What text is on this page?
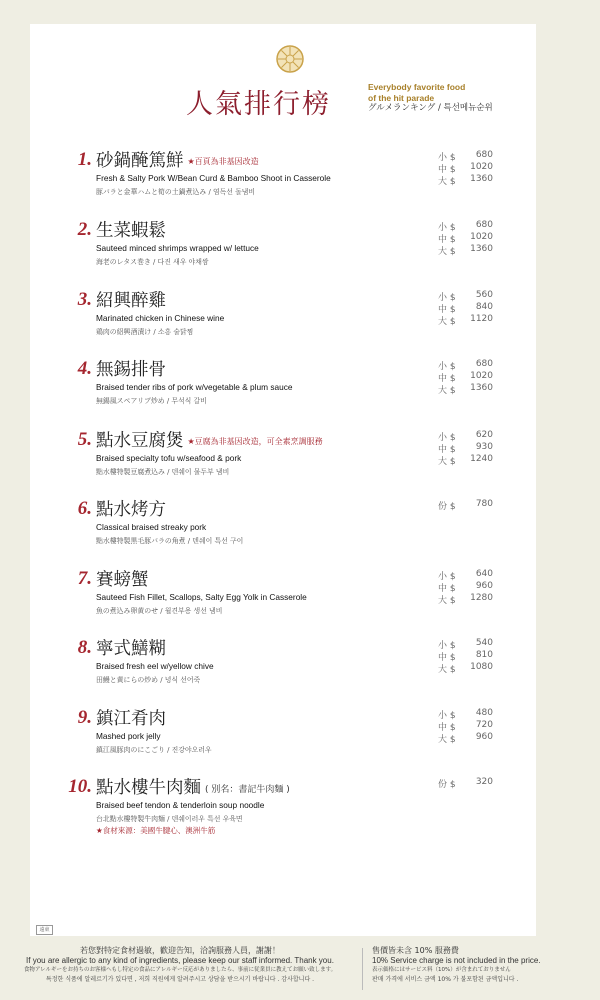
人氣排行榜
Everybody favorite food
of the hit parade
グルメランキング / 특선메뉴순위
1. 砂鍋醃篤鮮 ★百頁為非基因改造
Fresh & Salty Pork W/Bean Curd & Bamboo Shoot in Casserole
豚バラと金華ハムと筍の土鍋煮込み / 염독선 돌냄비
小 $ 680
中 $ 1020
大 $ 1360
2. 生菜蝦鬆
Sauteed minced shrimps wrapped w/ lettuce
海老のレタス巻き / 다진 새우 야채쌈
小 $ 680
中 $ 1020
大 $ 1360
3. 紹興醉雞
Marinated chicken in Chinese wine
鶏肉の紹興酒漬け / 소흥 술닭찜
小 $ 560
中 $ 840
大 $ 1120
4. 無錫排骨
Braised tender ribs of pork w/vegetable & plum sauce
無錫風スペアリブ炒め / 무석식 갈비
小 $ 680
中 $ 1020
大 $ 1360
5. 點水豆腐煲 ★豆腐為非基因改造，可全素烹調服務
Braised specialty tofu w/seafood & pork
點水樓特製豆腐煮込み / 덴쉐이 물두부 냄비
小 $ 620
中 $ 930
大 $ 1240
6. 點水烤方
Classical braised streaky pork
點水樓特製黒毛豚バラの角煮 / 덴쉐이 특선 구이
份 $ 780
7. 賽螃蟹
Sauteed Fish Fillet, Scallops, Salty Egg Yolk in Casserole
魚の煮込み卵黄のせ / 월견부용 생선 냄비
小 $ 640
中 $ 960
大 $ 1280
8. 寧式鱔糊
Braised fresh eel w/yellow chive
田鰻と黄にらの炒め / 녕식 선어죽
小 $ 540
中 $ 810
大 $ 1080
9. 鎮江肴肉
Mashed pork jelly
鎮江風豚肉のにこごり / 진강야오러우
小 $ 480
中 $ 720
大 $ 960
10. 點水樓牛肉麵 ( 別名：書記牛肉麵 )
Braised beef tendon & tenderloin soup noodle
台北點水樓特製牛肉麺 / 덴쉐이러우 특선 우육면
★食材來源：美國牛腱心、澳洲牛筋
份 $ 320
遠東
若您對特定食材過敏，歡迎告知，洽詢服務人員，謝謝！
If you are allergic to any kind of ingredients, please keep our staff informed. Thank you.
食物アレルギーをお持ちのお客様へもし特定の食品にアレルギー反応がありましたら、事前に従業員に教えてお願い致します。
특정한 식품에 알레르기가 있다면 , 저희 직원에게 알려주시고 상담을 받으시기 바랍니다 . 감사합니다 .
售價皆未含 10% 服務費
10% Service charge is not included in the price.
表示価格にはサービス料（10%）が含まれておりません
판매 가격에 서비스 금액 10% 가 불포함된 금액입니다 .
